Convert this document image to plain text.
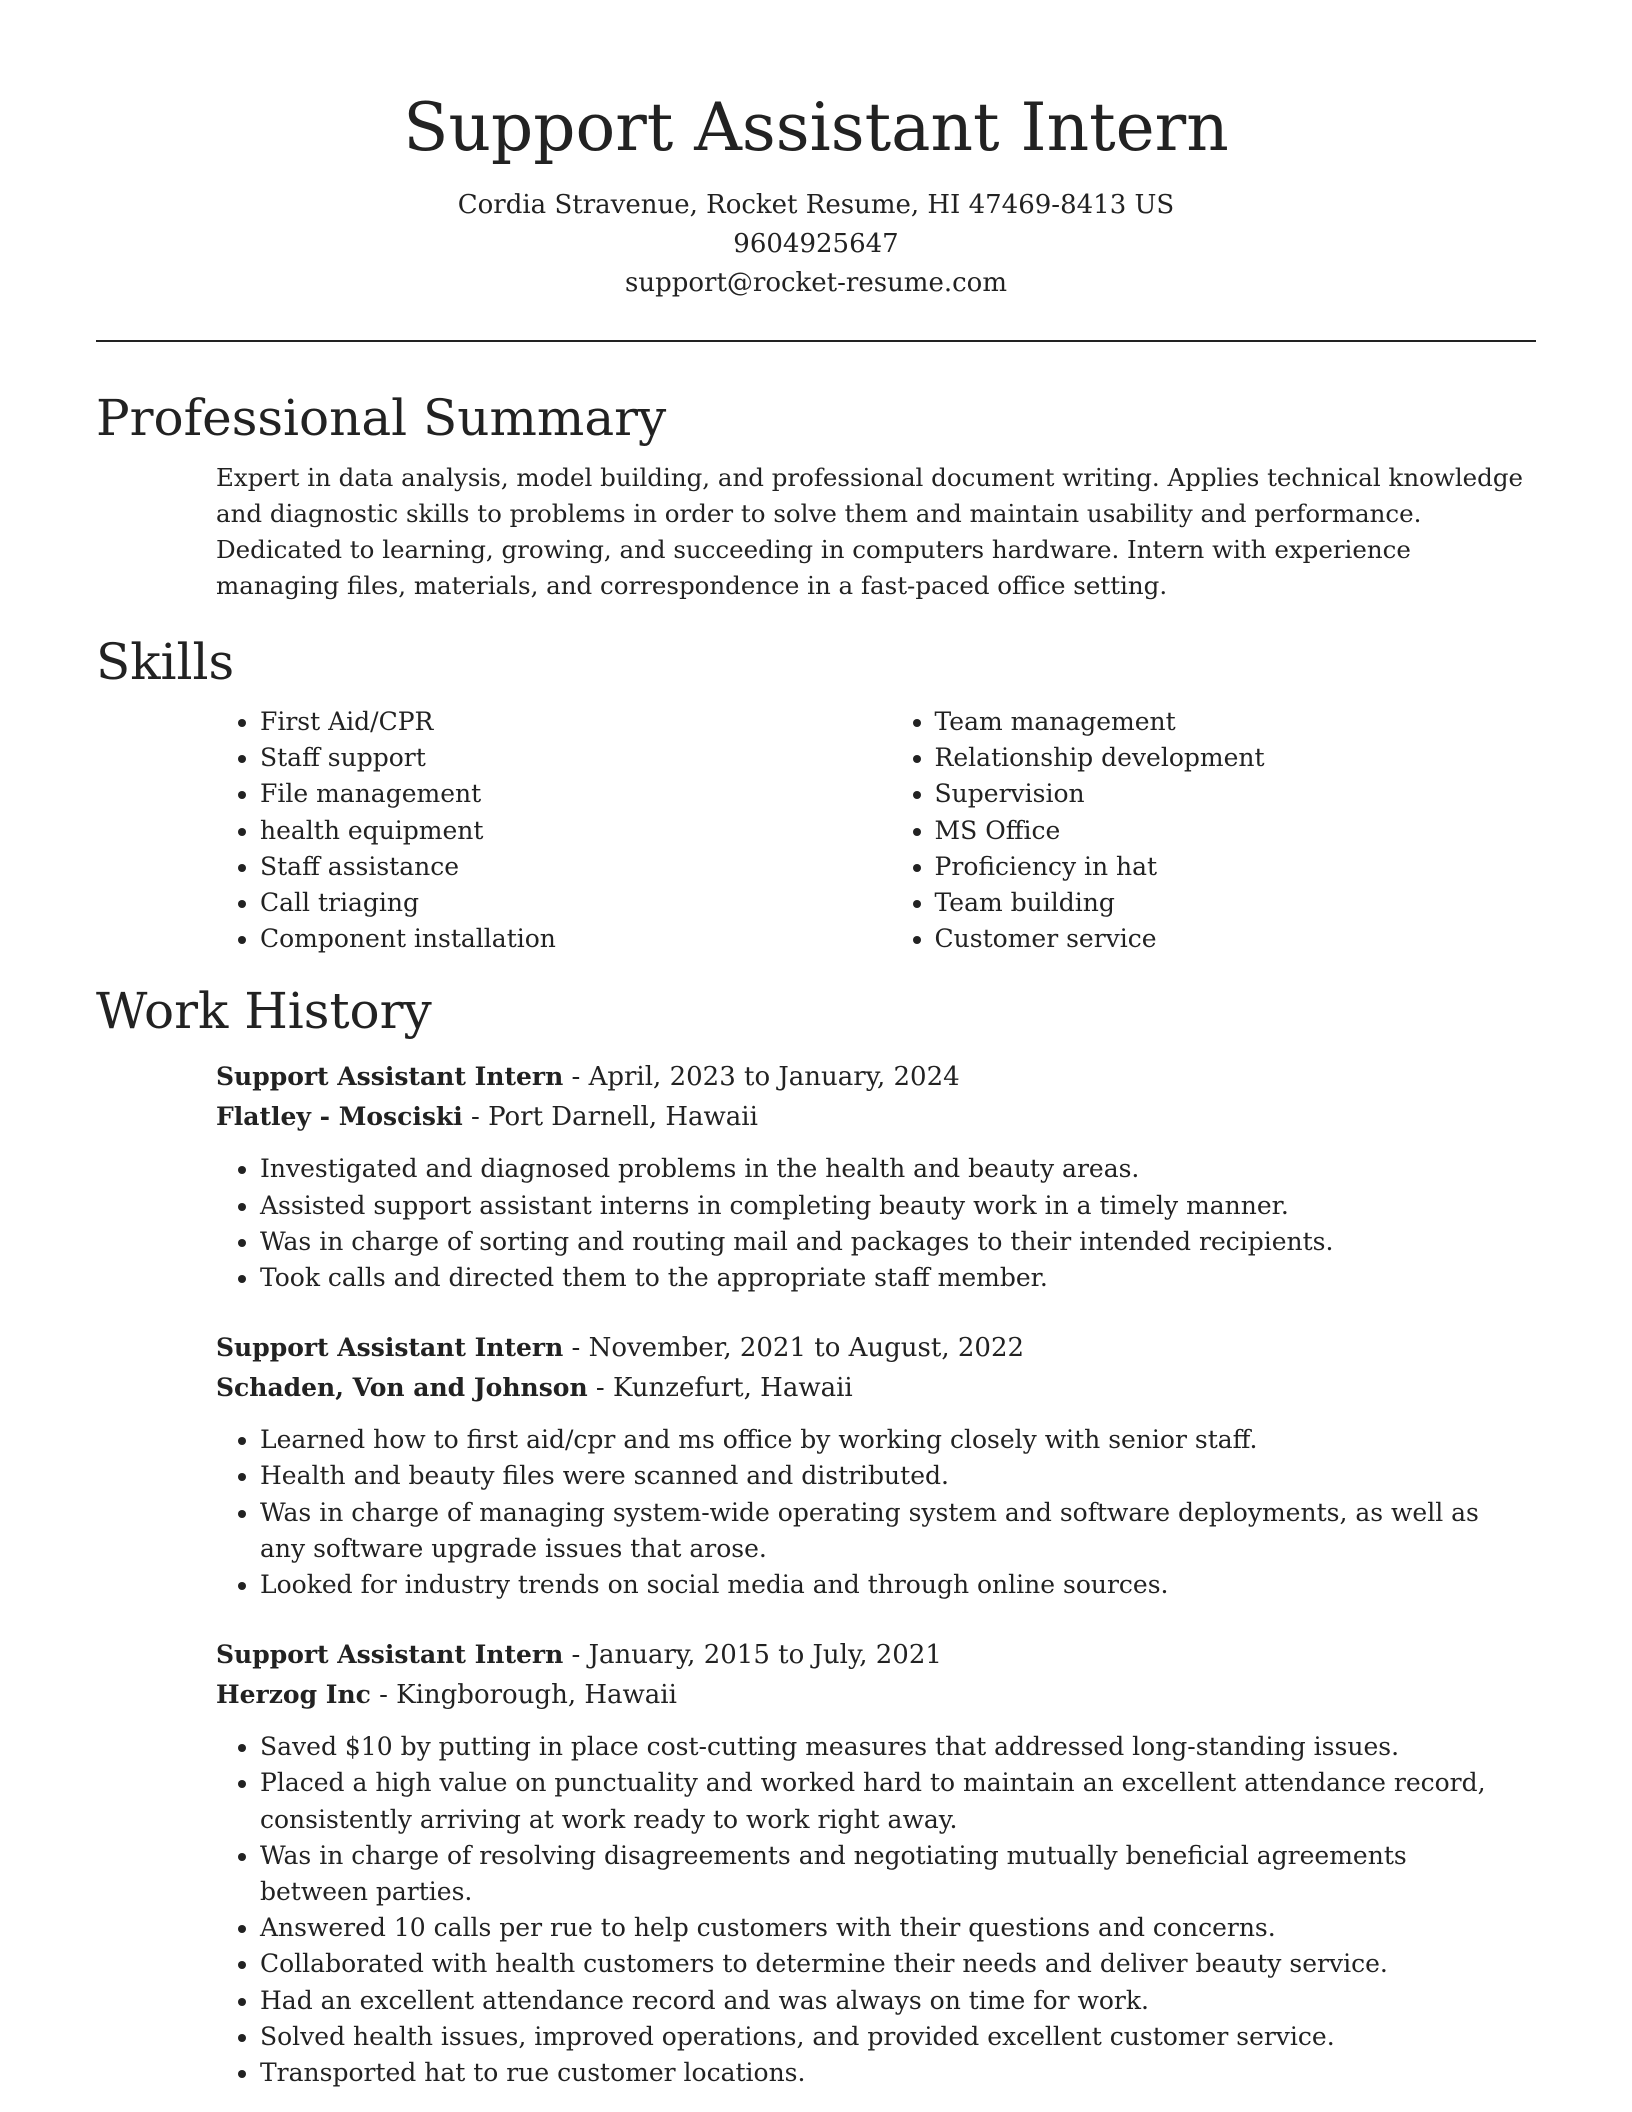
Support Assistant Intern

Cordia Stravenue, Rocket Resume, HI 47469-8413 US

9604925647

support@rocket-resume.com

Professional Summary

Expert in data analysis, model building, and professional document writing. Applies technical knowledge and diagnostic skills to problems in order to solve them and maintain usability and performance. Dedicated to learning, growing, and succeeding in computers hardware. Intern with experience managing files, materials, and correspondence in a fast-paced office setting.

Skills
• First Aid/CPR
• Staff support
• File management
• health equipment
• Staff assistance
• Call triaging
• Component installation
• Team management
• Relationship development
• Supervision
• MS Office
• Proficiency in hat
• Team building
• Customer service
Work History

Support Assistant Intern - April, 2023 to January, 2024

Flatley - Mosciski - Port Darnell, Hawaii

• Investigated and diagnosed problems in the health and beauty areas.
• Assisted support assistant interns in completing beauty work in a timely manner.
• Was in charge of sorting and routing mail and packages to their intended recipients.
• Took calls and directed them to the appropriate staff member.

Support Assistant Intern - November, 2021 to August, 2022

Schaden, Von and Johnson - Kunzefurt, Hawaii

• Learned how to first aid/cpr and ms office by working closely with senior staff.
• Health and beauty files were scanned and distributed.
• Was in charge of managing system-wide operating system and software deployments, as well as any software upgrade issues that arose.
• Looked for industry trends on social media and through online sources.

Support Assistant Intern - January, 2015 to July, 2021

Herzog Inc - Kingborough, Hawaii

• Saved $10 by putting in place cost-cutting measures that addressed long-standing issues.
• Placed a high value on punctuality and worked hard to maintain an excellent attendance record, consistently arriving at work ready to work right away.
• Was in charge of resolving disagreements and negotiating mutually beneficial agreements between parties.
• Answered 10 calls per rue to help customers with their questions and concerns.
• Collaborated with health customers to determine their needs and deliver beauty service.
• Had an excellent attendance record and was always on time for work.
• Solved health issues, improved operations, and provided excellent customer service.
• Transported hat to rue customer locations.
